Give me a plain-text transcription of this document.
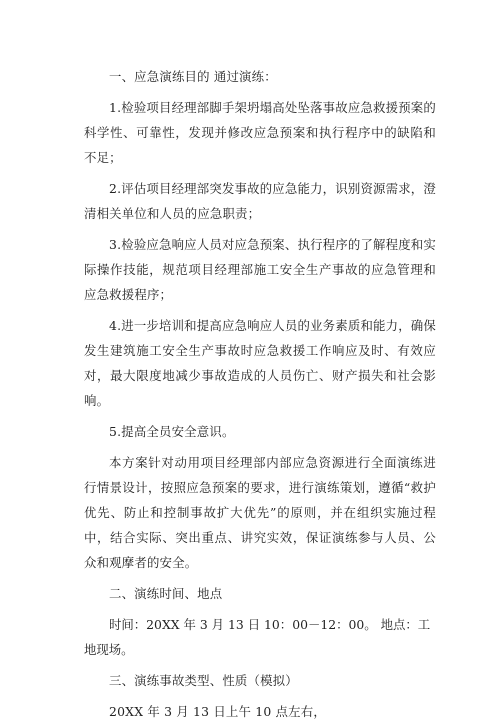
一、应急演练目的 通过演练：

1.检验项目经理部脚手架坍塌高处坠落事故应急救援预案的科学性、可靠性，发现并修改应急预案和执行程序中的缺陷和不足；

2.评估项目经理部突发事故的应急能力，识别资源需求，澄清相关单位和人员的应急职责；

3.检验应急响应人员对应急预案、执行程序的了解程度和实际操作技能，规范项目经理部施工安全生产事故的应急管理和应急救援程序；

4.进一步培训和提高应急响应人员的业务素质和能力，确保发生建筑施工安全生产事故时应急救援工作响应及时、有效应对，最大限度地减少事故造成的人员伤亡、财产损失和社会影响。

5.提高全员安全意识。

本方案针对动用项目经理部内部应急资源进行全面演练进行情景设计，按照应急预案的要求，进行演练策划，遵循“救护优先、防止和控制事故扩大优先”的原则，并在组织实施过程中，结合实际、突出重点、讲究实效，保证演练参与人员、公众和观摩者的安全。

二、演练时间、地点

时间：20XX 年 3 月 13 日 10：00－12：00。 地点：工地现场。

三、演练事故类型、性质（模拟）

20XX 年 3 月 13 日上午 10 点左右，
